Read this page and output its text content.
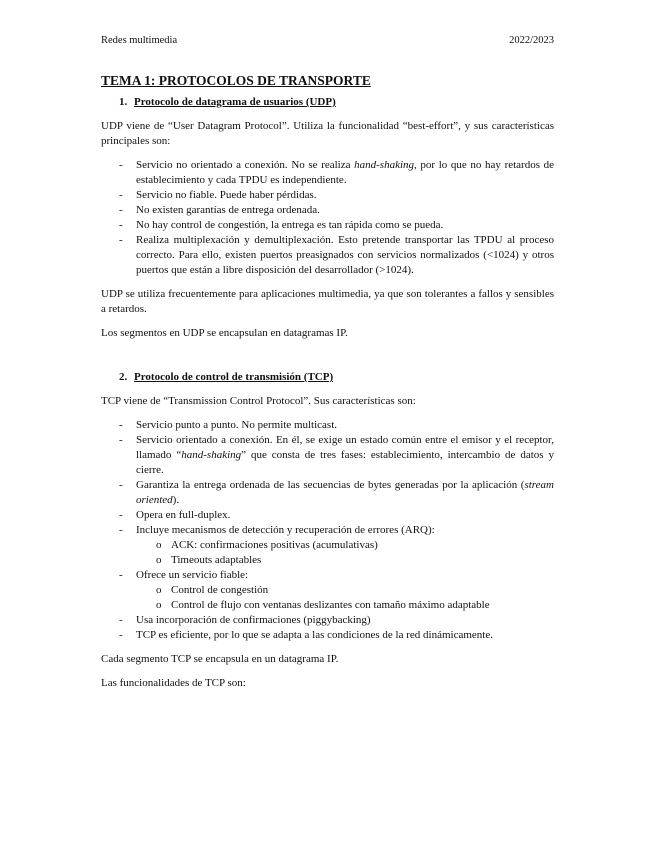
Redes multimedia	2022/2023
TEMA 1: PROTOCOLOS DE TRANSPORTE
1. Protocolo de datagrama de usuarios (UDP)

UDP viene de “User Datagram Protocol”. Utiliza la funcionalidad “best-effort”, y sus características principales son:

- Servicio no orientado a conexión. No se realiza hand-shaking, por lo que no hay retardos de establecimiento y cada TPDU es independiente.
- Servicio no fiable. Puede haber pérdidas.
- No existen garantías de entrega ordenada.
- No hay control de congestión, la entrega es tan rápida como se pueda.
- Realiza multiplexación y demultiplexación. Esto pretende transportar las TPDU al proceso correcto. Para ello, existen puertos preasignados con servicios normalizados (<1024) y otros puertos que están a libre disposición del desarrollador (>1024).

UDP se utiliza frecuentemente para aplicaciones multimedia, ya que son tolerantes a fallos y sensibles a retardos.

Los segmentos en UDP se encapsulan en datagramas IP.

2. Protocolo de control de transmisión (TCP)

TCP viene de “Transmission Control Protocol”. Sus características son:

- Servicio punto a punto. No permite multicast.
- Servicio orientado a conexión. En él, se exige un estado común entre el emisor y el receptor, llamado “hand-shaking” que consta de tres fases: establecimiento, intercambio de datos y cierre.
- Garantiza la entrega ordenada de las secuencias de bytes generadas por la aplicación (stream oriented).
- Opera en full-duplex.
- Incluye mecanismos de detección y recuperación de errores (ARQ):
o ACK: confirmaciones positivas (acumulativas)
o Timeouts adaptables
- Ofrece un servicio fiable:
o Control de congestión
o Control de flujo con ventanas deslizantes con tamaño máximo adaptable
- Usa incorporación de confirmaciones (piggybacking)
- TCP es eficiente, por lo que se adapta a las condiciones de la red dinámicamente.

Cada segmento TCP se encapsula en un datagrama IP.

Las funcionalidades de TCP son:
